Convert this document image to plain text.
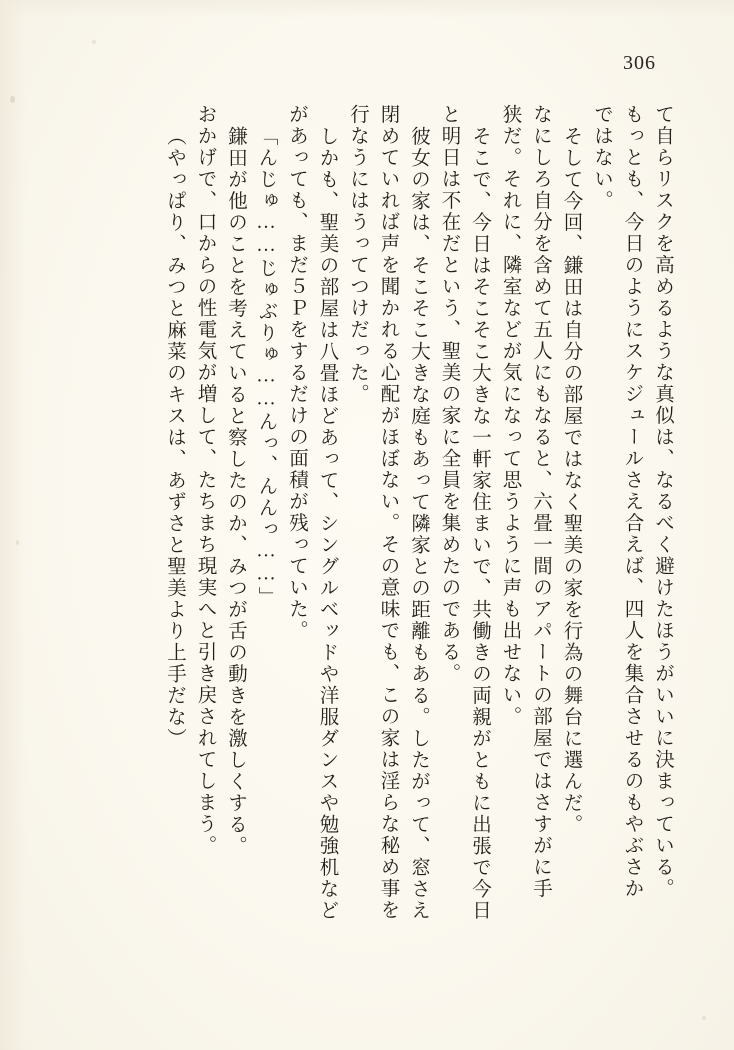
306
て自らリスクを高めるような真似は、なるべく避けたほうがいいに決まっている。
もっとも、今日のようにスケジュールさえ合えば、四人を集合させるのもやぶさか
ではない。
そして今回、鎌田は自分の部屋ではなく聖美の家を行為の舞台に選んだ。
なにしろ自分を含めて五人にもなると、六畳一間のアパートの部屋ではさすがに手
狭だ。それに、隣室などが気になって思うように声も出せない。
そこで、今日はそこそこ大きな一軒家住まいで、共働きの両親がともに出張で今日
と明日は不在だという、聖美の家に全員を集めたのである。
彼女の家は、そこそこ大きな庭もあって隣家との距離もある。したがって、窓さえ
閉めていれば声を聞かれる心配がほぼない。その意味でも、この家は淫らな秘め事を
行なうにはうってつけだった。
しかも、聖美の部屋は八畳ほどあって、シングルベッドや洋服ダンスや勉強机など
があっても、まだ５Ｐをするだけの面積が残っていた。
「んじゅ……じゅぶりゅ……んっ、んんっ……」
鎌田が他のことを考えていると察したのか、みつが舌の動きを激しくする。
おかげで、口からの性電気が増して、たちまち現実へと引き戻されてしまう。
（やっぱり、みつと麻菜のキスは、あずさと聖美より上手だな）
